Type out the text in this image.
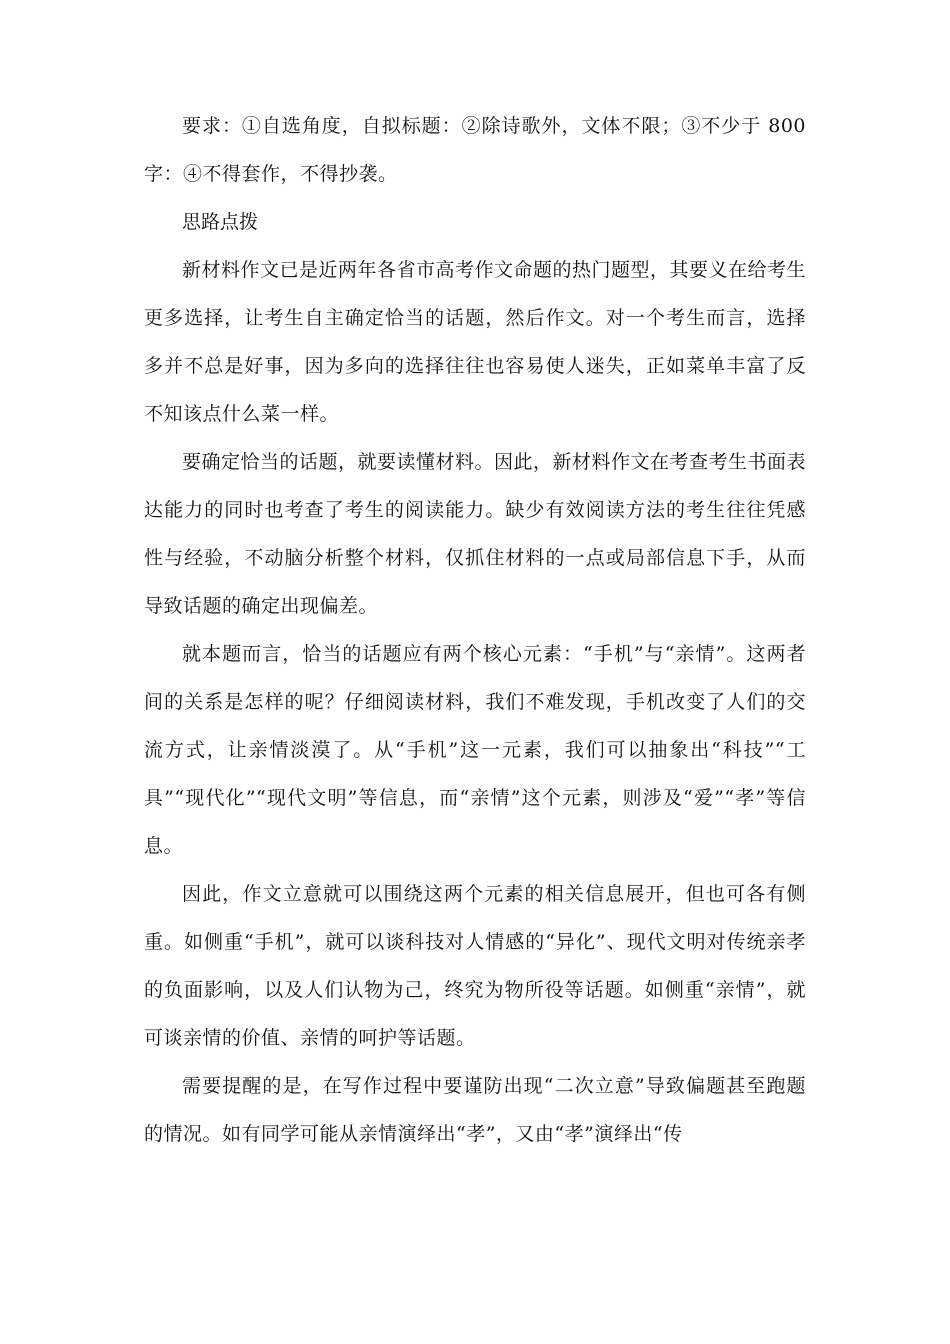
要求：①自选角度，自拟标题：②除诗歌外，文体不限；③不少于 800 字：④不得套作，不得抄袭。

思路点拨

新材料作文已是近两年各省市高考作文命题的热门题型，其要义在给考生更多选择，让考生自主确定恰当的话题，然后作文。对一个考生而言，选择多并不总是好事，因为多向的选择往往也容易使人迷失，正如菜单丰富了反不知该点什么菜一样。

要确定恰当的话题，就要读懂材料。因此，新材料作文在考查考生书面表达能力的同时也考查了考生的阅读能力。缺少有效阅读方法的考生往往凭感性与经验，不动脑分析整个材料，仅抓住材料的一点或局部信息下手，从而导致话题的确定出现偏差。

就本题而言，恰当的话题应有两个核心元素：“手机”与“亲情”。这两者间的关系是怎样的呢？仔细阅读材料，我们不难发现，手机改变了人们的交流方式，让亲情淡漠了。从“手机”这一元素，我们可以抽象出“科技”“工具”“现代化”“现代文明”等信息，而“亲情”这个元素，则涉及“爱”“孝”等信息。

因此，作文立意就可以围绕这两个元素的相关信息展开，但也可各有侧重。如侧重“手机”，就可以谈科技对人情感的“异化”、现代文明对传统亲孝的负面影响，以及人们认物为己，终究为物所役等话题。如侧重“亲情”，就可谈亲情的价值、亲情的呵护等话题。

需要提醒的是，在写作过程中要谨防出现“二次立意”导致偏题甚至跑题的情况。如有同学可能从亲情演绎出“孝”，又由“孝”演绎出“传
